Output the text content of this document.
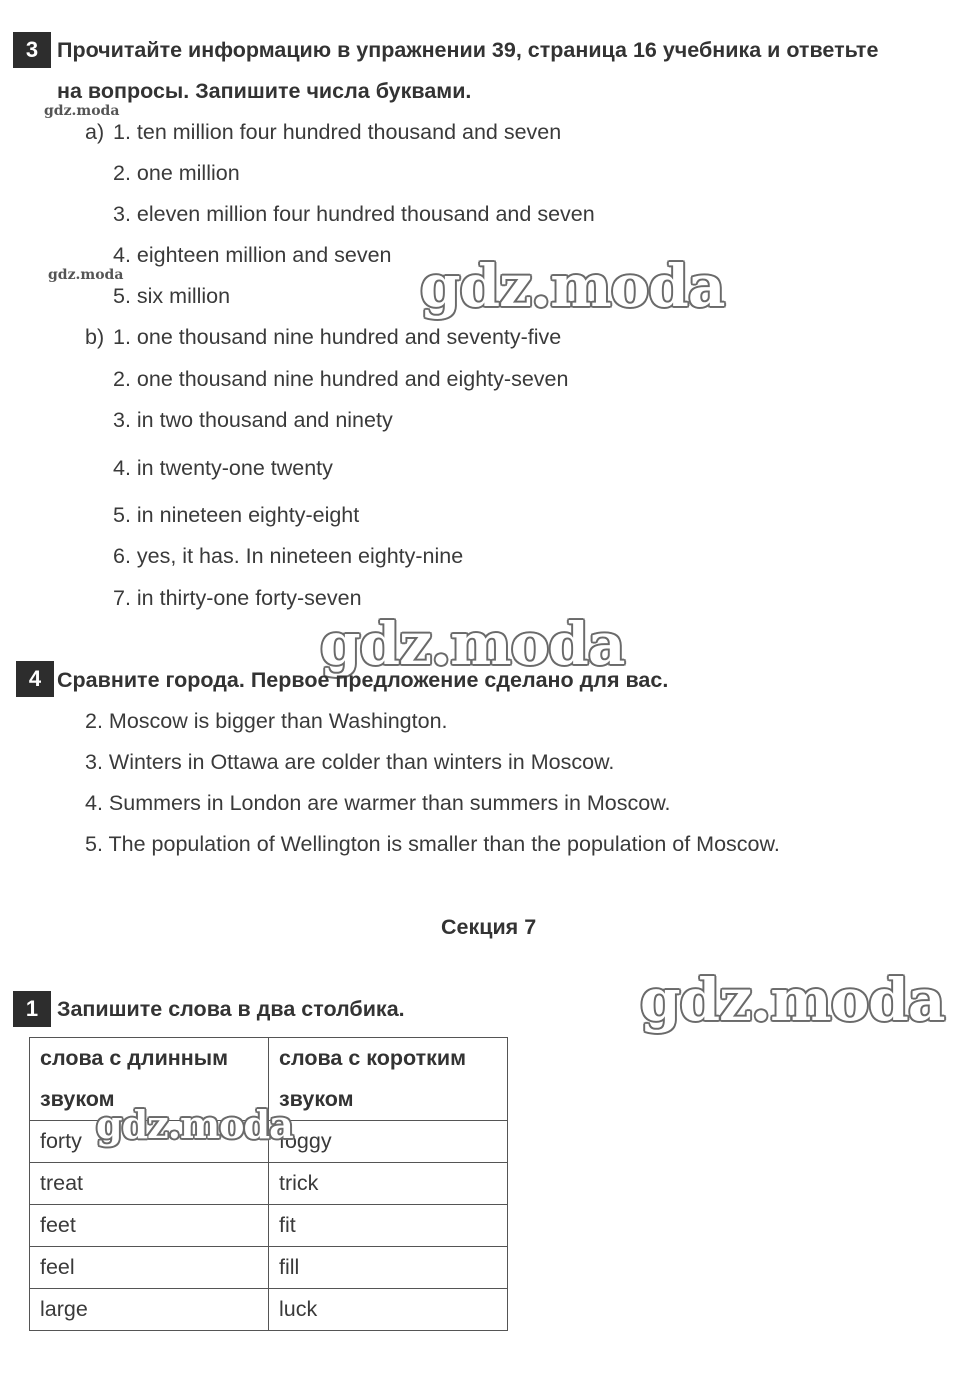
3 Прочитайте информацию в упражнении 39, страница 16 учебника и ответьте
на вопросы. Запишите числа буквами.
gdz.moda
a) 1. ten million four hundred thousand and seven
2. one million
3. eleven million four hundred thousand and seven
4. eighteen million and seven
gdz.moda
5. six million	gdz.moda
b) 1. one thousand nine hundred and seventy-five
2. one thousand nine hundred and eighty-seven
3. in two thousand and ninety
4. in twenty-one twenty
5. in nineteen eighty-eight
6. yes, it has. In nineteen eighty-nine
7. in thirty-one forty-seven
gdz.moda
4 Сравните города. Первое предложение сделано для вас.
2. Moscow is bigger than Washington.
3. Winters in Ottawa are colder than winters in Moscow.
4. Summers in London are warmer than summers in Moscow.
5. The population of Wellington is smaller than the population of Moscow.
Секция 7
gdz.moda
1 Запишите слова в два столбика.
слова с длинным звуком	слова с коротким звуком
forty	foggy
treat	trick
feet	fit
feel	fill
large	luck
gdz.moda
